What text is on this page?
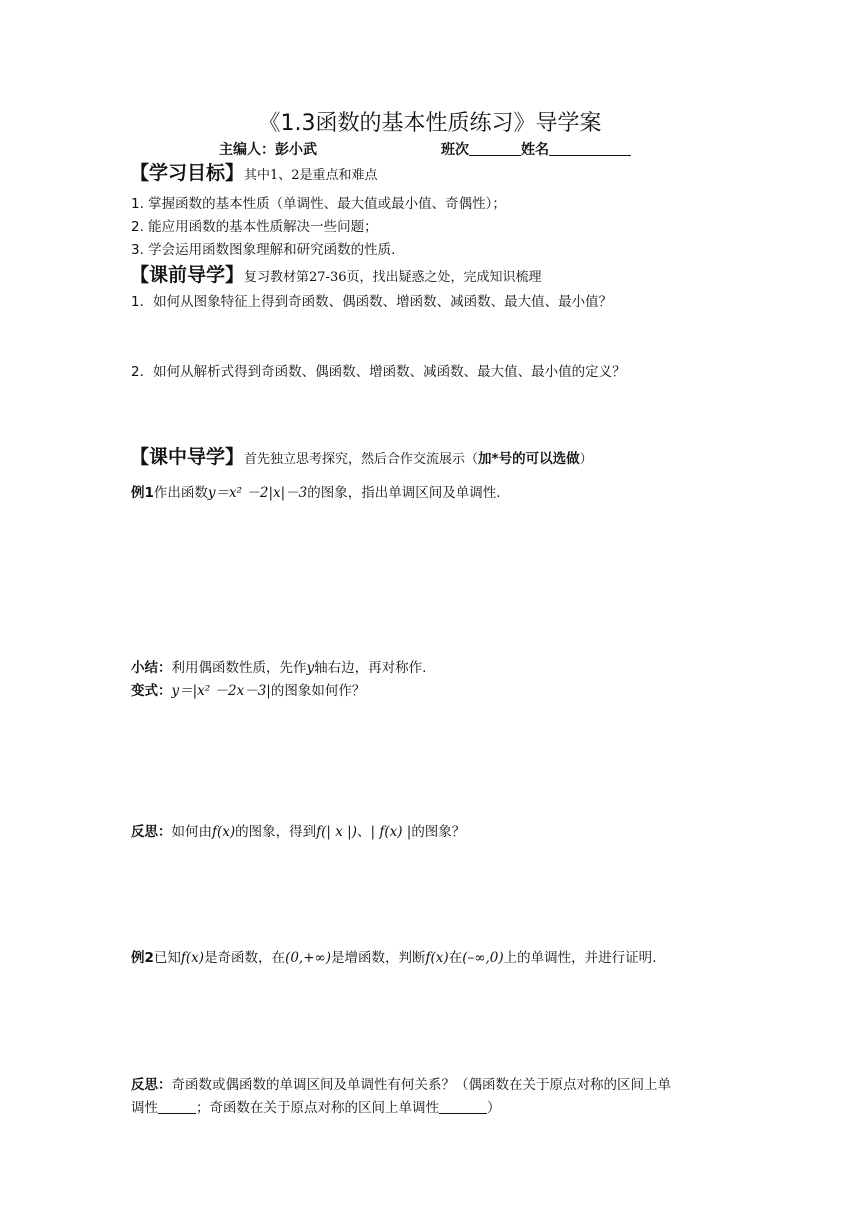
《1.3函数的基本性质练习》导学案
主编人：彭小武	班次	姓名
【学习目标】其中1、2是重点和难点
1. 掌握函数的基本性质（单调性、最大值或最小值、奇偶性）；
2. 能应用函数的基本性质解决一些问题；
3. 学会运用函数图象理解和研究函数的性质.
【课前导学】复习教材第27-36页，找出疑惑之处，完成知识梳理
1．如何从图象特征上得到奇函数、偶函数、增函数、减函数、最大值、最小值？
2．如何从解析式得到奇函数、偶函数、增函数、减函数、最大值、最小值的定义？
【课中导学】首先独立思考探究，然后合作交流展示（加*号的可以选做）
例1作出函数y＝x² －2|x|－3的图象，指出单调区间及单调性.
小结：利用偶函数性质，先作y轴右边，再对称作.
变式：y＝|x² －2x－3|的图象如何作？
反思：如何由f(x)的图象，得到f(| x |)、| f(x) |的图象？
例2已知f(x)是奇函数，在(0,+∞)是增函数，判断f(x)在(–∞,0)上的单调性，并进行证明.
反思：奇函数或偶函数的单调区间及单调性有何关系？（偶函数在关于原点对称的区间上单
调性	；奇函数在关于原点对称的区间上单调性	）
